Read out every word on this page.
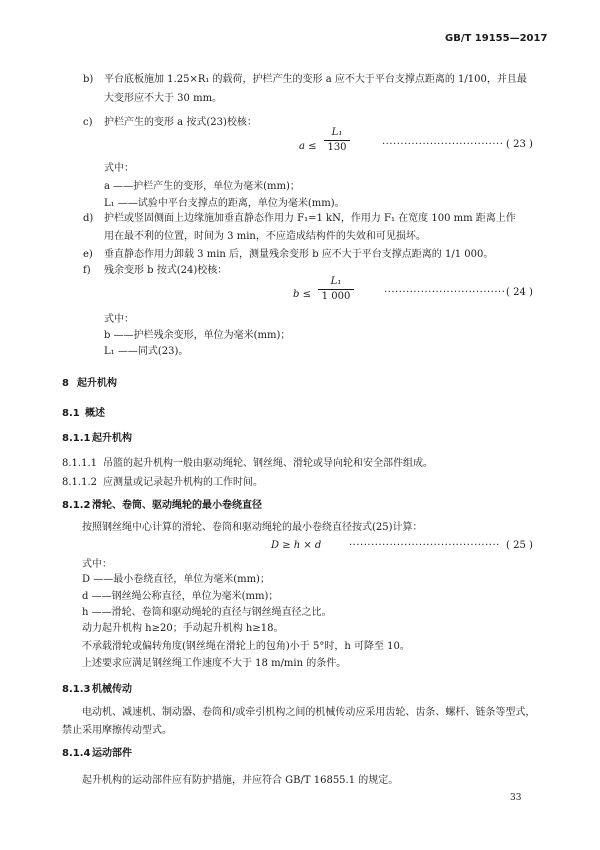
GB/T 19155—2017
b) 平台底板施加 1.25×R₁ 的载荷，护栏产生的变形 a 应不大于平台支撑点距离的 1/100，并且最
大变形应不大于 30 mm。
c) 护栏产生的变形 a 按式(23)校核：
a ≤
L₁
130	································· ( 23 )
式中：
a ——护栏产生的变形，单位为毫米(mm)；
L₁ ——试验中平台支撑点的距离，单位为毫米(mm)。
d) 护栏或竖固侧面上边缘施加垂直静态作用力 F₁=1 kN，作用力 F₁ 在宽度 100 mm 距离上作
用在最不利的位置，时间为 3 min，不应造成结构件的失效和可见损坏。
e) 垂直静态作用力卸载 3 min 后，测量残余变形 b 应不大于平台支撑点距离的 1/1 000。
f) 残余变形 b 按式(24)校核：
b ≤
L₁
1 000	································· ( 24 )
式中：
b ——护栏残余变形，单位为毫米(mm)；
L₁ ——同式(23)。
8 起升机构
8.1 概述
8.1.1 起升机构
8.1.1.1 吊篮的起升机构一般由驱动绳轮、钢丝绳、滑轮或导向轮和安全部件组成。
8.1.1.2 应测量或记录起升机构的工作时间。
8.1.2 滑轮、卷筒、驱动绳轮的最小卷绕直径
按照钢丝绳中心计算的滑轮、卷筒和驱动绳轮的最小卷绕直径按式(25)计算：
D ≥ h × d	········································· ( 25 )
式中：
D ——最小卷绕直径，单位为毫米(mm)；
d ——钢丝绳公称直径，单位为毫米(mm)；
h ——滑轮、卷筒和驱动绳轮的直径与钢丝绳直径之比。
动力起升机构 h≥20；手动起升机构 h≥18。
不承载滑轮或偏转角度(钢丝绳在滑轮上的包角)小于 5°时，h 可降至 10。
上述要求应满足钢丝绳工作速度不大于 18 m/min 的条件。
8.1.3 机械传动
电动机、减速机、制动器、卷筒和/或牵引机构之间的机械传动应采用齿轮、齿条、螺杆、链条等型式，
禁止采用摩擦传动型式。
8.1.4 运动部件
起升机构的运动部件应有防护措施，并应符合 GB/T 16855.1 的规定。
33
